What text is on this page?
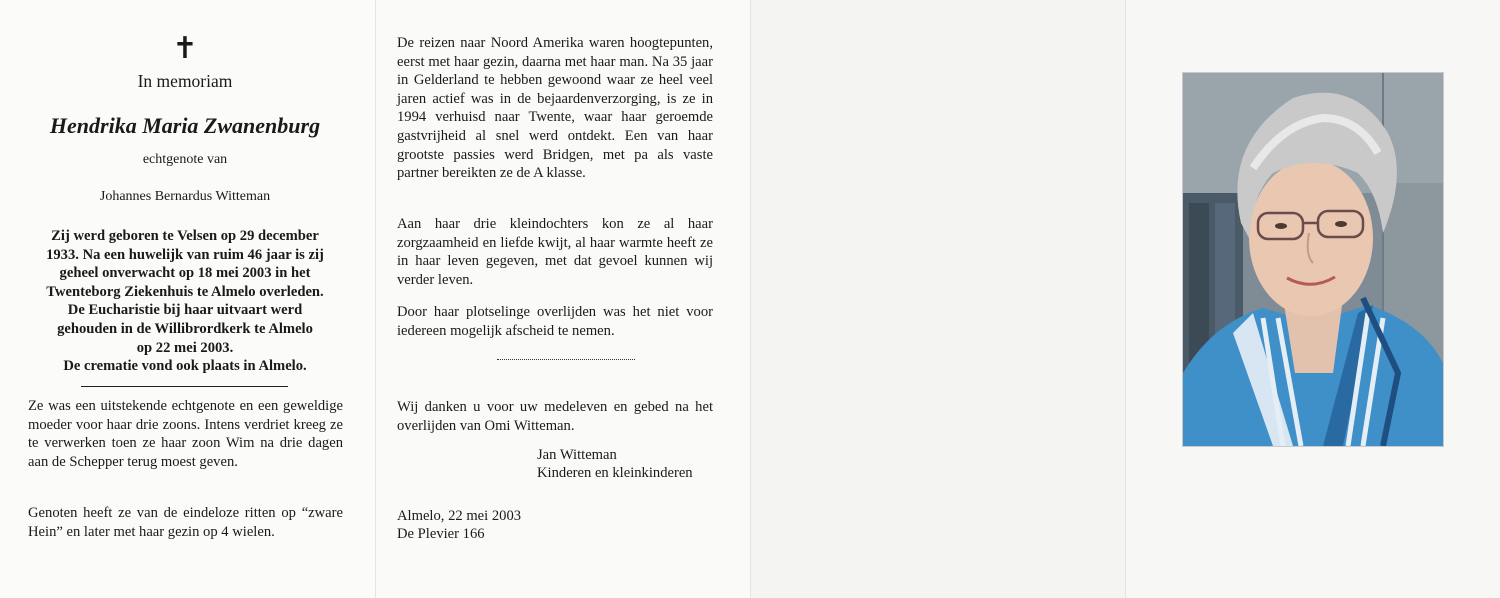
✝
In memoriam
Hendrika Maria Zwanenburg
echtgenote van
Johannes Bernardus Witteman
Zij werd geboren te Velsen op 29 december
1933. Na een huwelijk van ruim 46 jaar is zij
geheel onverwacht op 18 mei 2003 in het
Twenteborg Ziekenhuis te Almelo overleden.
De Eucharistie bij haar uitvaart werd
gehouden in de Willibrordkerk te Almelo
op 22 mei 2003.
De crematie vond ook plaats in Almelo.

Ze was een uitstekende echtgenote en een geweldige moeder voor haar drie zoons. Intens verdriet kreeg ze te verwerken toen ze haar zoon Wim na drie dagen aan de Schepper terug moest geven.

Genoten heeft ze van de eindeloze ritten op “zware Hein” en later met haar gezin op 4 wielen.

De reizen naar Noord Amerika waren hoogtepunten, eerst met haar gezin, daarna met haar man. Na 35 jaar in Gelderland te hebben gewoond waar ze heel veel jaren actief was in de bejaardenverzorging, is ze in 1994 verhuisd naar Twente, waar haar geroemde gastvrijheid al snel werd ontdekt. Een van haar grootste passies werd Bridgen, met pa als vaste partner bereikten ze de A klasse.

Aan haar drie kleindochters kon ze al haar zorgzaamheid en liefde kwijt, al haar warmte heeft ze in haar leven gegeven, met dat gevoel kunnen wij verder leven.

Door haar plotselinge overlijden was het niet voor iedereen mogelijk afscheid te nemen.

Wij danken u voor uw medeleven en gebed na het overlijden van Omi Witteman.

Jan Witteman
Kinderen en kleinkinderen
Almelo, 22 mei 2003
De Plevier 166
